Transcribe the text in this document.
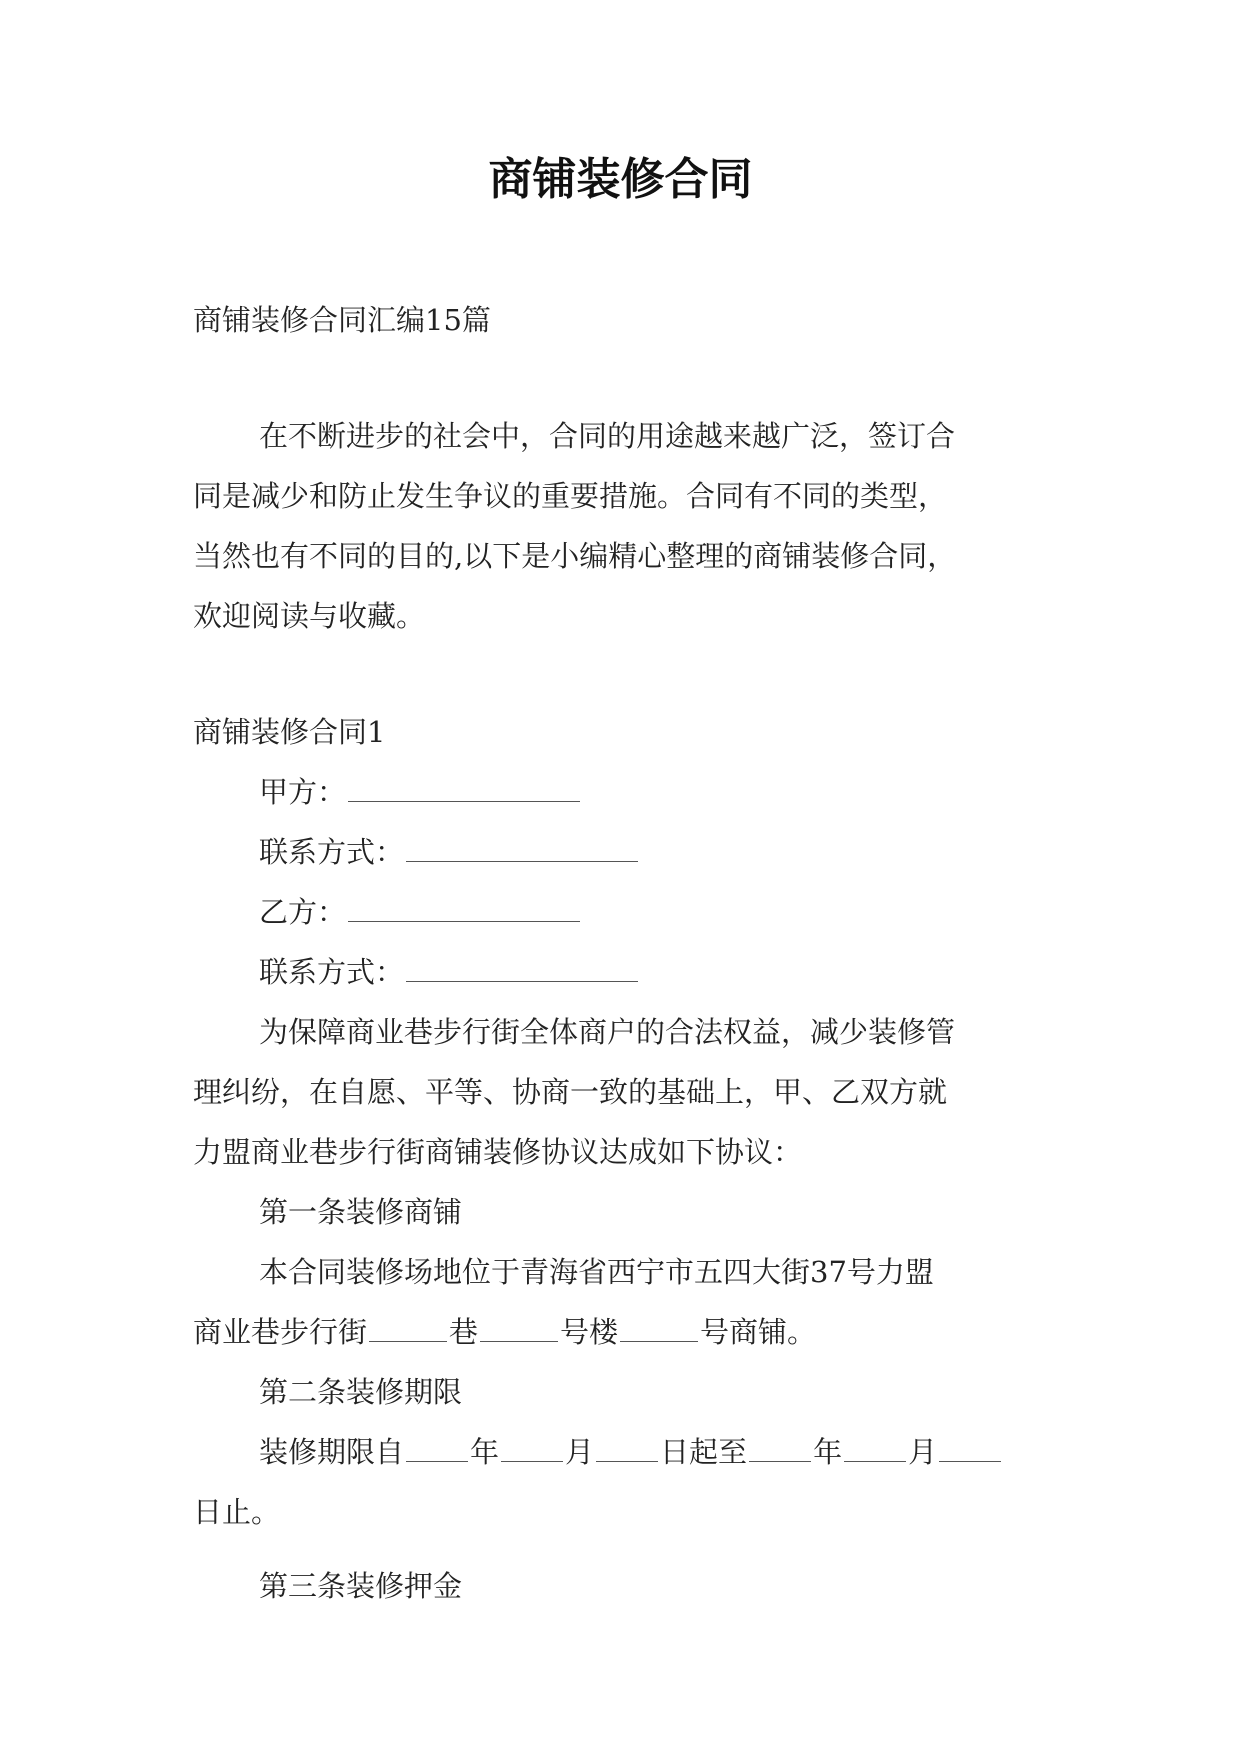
商铺装修合同
商铺装修合同汇编15篇
在不断进步的社会中，合同的用途越来越广泛，签订合
同是减少和防止发生争议的重要措施。合同有不同的类型，
当然也有不同的目的,以下是小编精心整理的商铺装修合同，
欢迎阅读与收藏。
商铺装修合同1
甲方：
联系方式：
乙方：
联系方式：
为保障商业巷步行街全体商户的合法权益，减少装修管
理纠纷，在自愿、平等、协商一致的基础上，甲、乙双方就
力盟商业巷步行街商铺装修协议达成如下协议：
第一条装修商铺
本合同装修场地位于青海省西宁市五四大街37号力盟
商业巷步行街	巷	号楼	号商铺。
第二条装修期限
装修期限自 年 月 日起至 年 月
日止。
第三条装修押金
